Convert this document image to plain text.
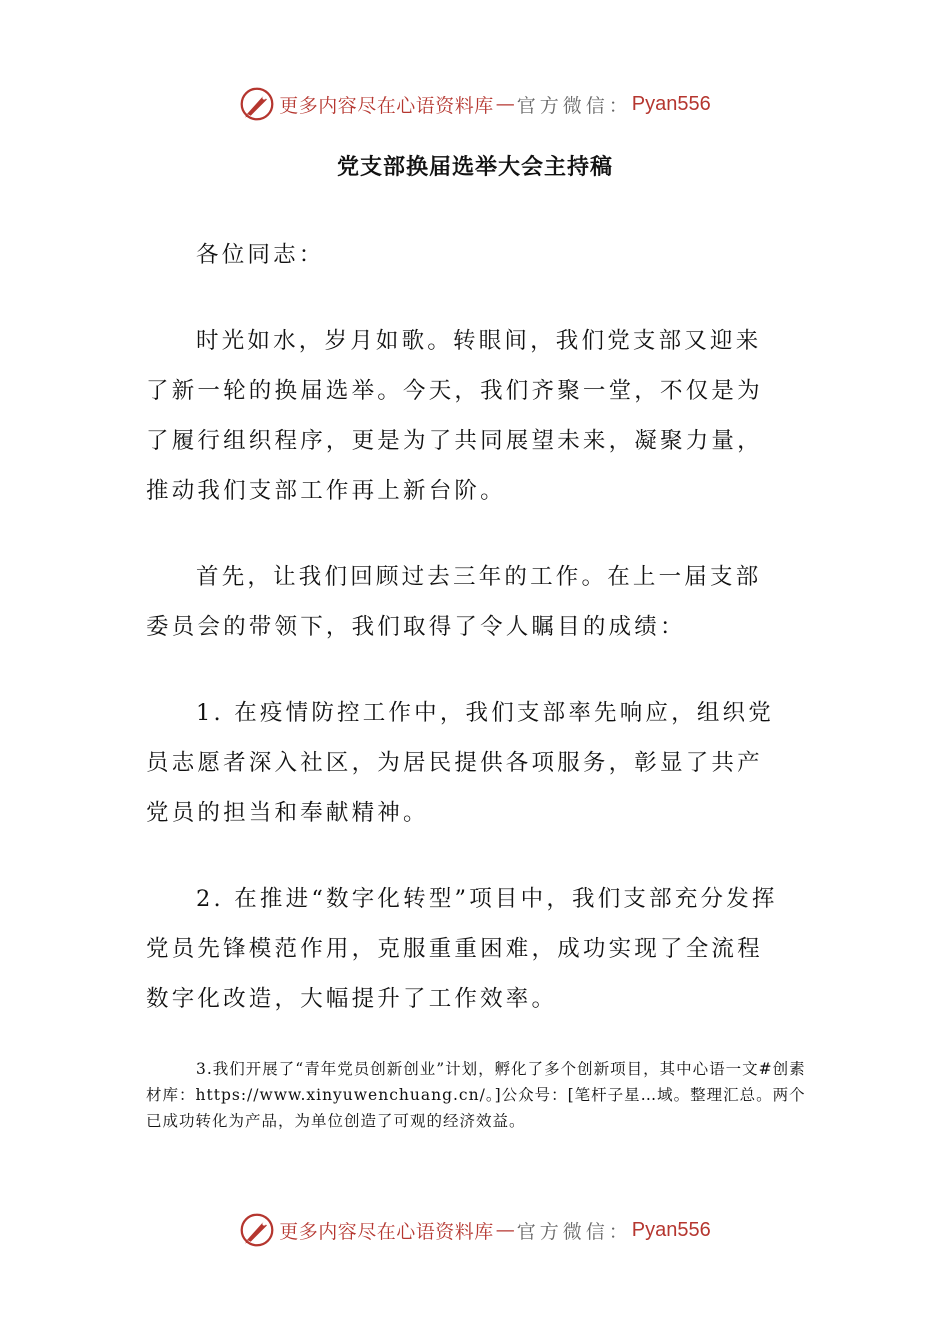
更多内容尽在心语资料库 — 官方微信： Pyan556
党支部换届选举大会主持稿

各位同志：

时光如水，岁月如歌。转眼间，我们党支部又迎来了新一轮的换届选举。今天，我们齐聚一堂，不仅是为了履行组织程序，更是为了共同展望未来，凝聚力量，推动我们支部工作再上新台阶。

首先，让我们回顾过去三年的工作。在上一届支部委员会的带领下，我们取得了令人瞩目的成绩：

1. 在疫情防控工作中，我们支部率先响应，组织党员志愿者深入社区，为居民提供各项服务，彰显了共产党员的担当和奉献精神。

2. 在推进“数字化转型”项目中，我们支部充分发挥党员先锋模范作用，克服重重困难，成功实现了全流程数字化改造，大幅提升了工作效率。

3.我们开展了“青年党员创新创业”计划，孵化了多个创新项目，其中心语一文#创素材库：https://www.xinyuwenchuang.cn/。]公众号：[笔杆子星…域。整理汇总。两个已成功转化为产品，为单位创造了可观的经济效益。

更多内容尽在心语资料库 — 官方微信： Pyan556
